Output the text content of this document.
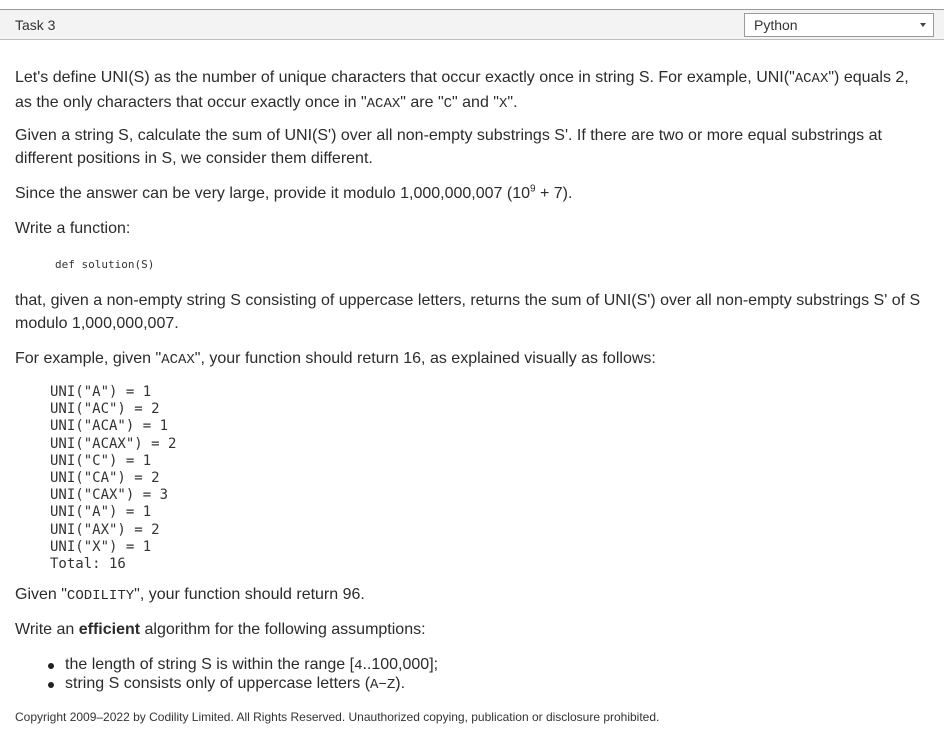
Task 3	Python

Let's define UNI(S) as the number of unique characters that occur exactly once in string S. For example, UNI("ACAX") equals 2, as the only characters that occur exactly once in "ACAX" are "C" and "X".

Given a string S, calculate the sum of UNI(S') over all non-empty substrings S'. If there are two or more equal substrings at different positions in S, we consider them different.

Since the answer can be very large, provide it modulo 1,000,000,007 $(10^9 + 7)$.

Write a function:

def solution(S)

that, given a non-empty string S consisting of uppercase letters, returns the sum of UNI(S') over all non-empty substrings S' of S modulo 1,000,000,007.

For example, given "ACAX", your function should return 16, as explained visually as follows:

UNI("A") = 1
UNI("AC") = 2
UNI("ACA") = 1
UNI("ACAX") = 2
UNI("C") = 1
UNI("CA") = 2
UNI("CAX") = 3
UNI("A") = 1
UNI("AX") = 2
UNI("X") = 1
Total: 16

Given "CODILITY", your function should return 96.

Write an efficient algorithm for the following assumptions:

the length of string S is within the range [4..100,000];
string S consists only of uppercase letters (A−Z).
Copyright 2009–2022 by Codility Limited. All Rights Reserved. Unauthorized copying, publication or disclosure prohibited.
